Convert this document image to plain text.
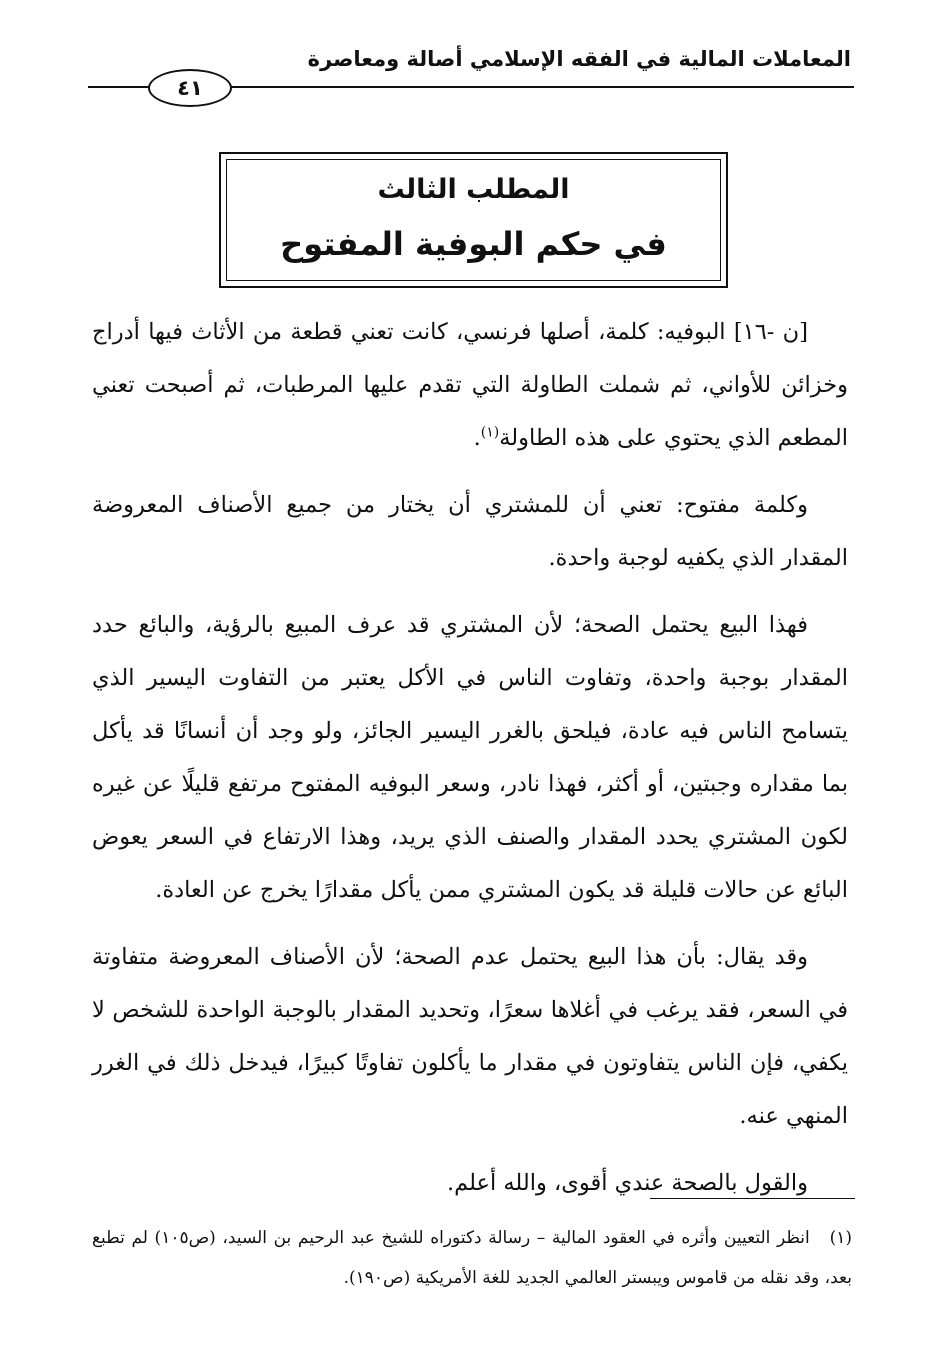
المعاملات المالية في الفقه الإسلامي أصالة ومعاصرة
٤١
المطلب الثالث
في حكم البوفية المفتوح

[ن -١٦] البوفيه: كلمة، أصلها فرنسي، كانت تعني قطعة من الأثاث فيها أدراج وخزائن للأواني، ثم شملت الطاولة التي تقدم عليها المرطبات، ثم أصبحت تعني المطعم الذي يحتوي على هذه الطاولة$^{(١)}$.

وكلمة مفتوح: تعني أن للمشتري أن يختار من جميع الأصناف المعروضة المقدار الذي يكفيه لوجبة واحدة.

فهذا البيع يحتمل الصحة؛ لأن المشتري قد عرف المبيع بالرؤية، والبائع حدد المقدار بوجبة واحدة، وتفاوت الناس في الأكل يعتبر من التفاوت اليسير الذي يتسامح الناس فيه عادة، فيلحق بالغرر اليسير الجائز، ولو وجد أن أنسانًا قد يأكل بما مقداره وجبتين، أو أكثر، فهذا نادر، وسعر البوفيه المفتوح مرتفع قليلًا عن غيره لكون المشتري يحدد المقدار والصنف الذي يريد، وهذا الارتفاع في السعر يعوض البائع عن حالات قليلة قد يكون المشتري ممن يأكل مقدارًا يخرج عن العادة.

وقد يقال: بأن هذا البيع يحتمل عدم الصحة؛ لأن الأصناف المعروضة متفاوتة في السعر، فقد يرغب في أغلاها سعرًا، وتحديد المقدار بالوجبة الواحدة للشخص لا يكفي، فإن الناس يتفاوتون في مقدار ما يأكلون تفاوتًا كبيرًا، فيدخل ذلك في الغرر المنهي عنه.

والقول بالصحة عندي أقوى، والله أعلم.

(١)   انظر التعيين وأثره في العقود المالية – رسالة دكتوراه للشيخ عبد الرحيم بن السيد، (ص١٠٥) لم تطبع بعد، وقد نقله من قاموس ويبستر العالمي الجديد للغة الأمريكية (ص١٩٠).
